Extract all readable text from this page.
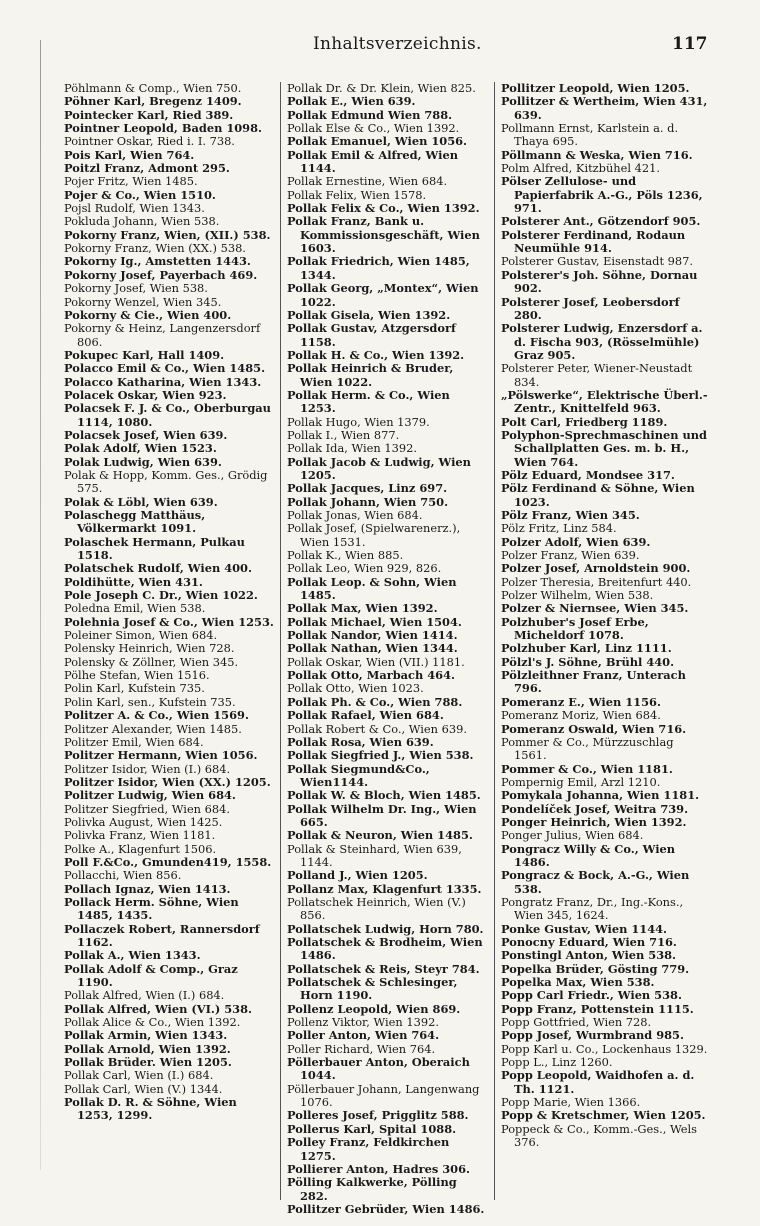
Inhaltsverzeichnis.	117
Pöhlmann & Comp., Wien 750.
Pöhner Karl, Bregenz 1409.
Pointecker Karl, Ried 389.
Pointner Leopold, Baden 1098.
Pointner Oskar, Ried i. I. 738.
Pois Karl, Wien 764.
Poitzl Franz, Admont 295.
Pojer Fritz, Wien 1485.
Pojer & Co., Wien 1510.
Pojsl Rudolf, Wien 1343.
Pokluda Johann, Wien 538.
Pokorny Franz, Wien, (XII.) 538.
Pokorny Franz, Wien (XX.) 538.
Pokorny Ig., Amstetten 1443.
Pokorny Josef, Payerbach 469.
Pokorny Josef, Wien 538.
Pokorny Wenzel, Wien 345.
Pokorny & Cie., Wien 400.
Pokorny & Heinz, Langenzersdorf 806.
Pokupec Karl, Hall 1409.
Polacco Emil & Co., Wien 1485.
Polacco Katharina, Wien 1343.
Polacek Oskar, Wien 923.
Polacsek F. J. & Co., Oberburgau 1114, 1080.
Polacsek Josef, Wien 639.
Polak Adolf, Wien 1523.
Polak Ludwig, Wien 639.
Polak & Hopp, Komm. Ges., Grödig 575.
Polak & Löbl, Wien 639.
Polaschegg Matthäus, Völkermarkt 1091.
Polaschek Hermann, Pulkau 1518.
Polatschek Rudolf, Wien 400.
Poldihütte, Wien 431.
Pole Joseph C. Dr., Wien 1022.
Poledna Emil, Wien 538.
Polehnia Josef & Co., Wien 1253.
Poleiner Simon, Wien 684.
Polensky Heinrich, Wien 728.
Polensky & Zöllner, Wien 345.
Pölhe Stefan, Wien 1516.
Polin Karl, Kufstein 735.
Polin Karl, sen., Kufstein 735.
Politzer A. & Co., Wien 1569.
Politzer Alexander, Wien 1485.
Politzer Emil, Wien 684.
Politzer Hermann, Wien 1056.
Politzer Isidor, Wien (I.) 684.
Politzer Isidor, Wien (XX.) 1205.
Politzer Ludwig, Wien 684.
Politzer Siegfried, Wien 684.
Polivka August, Wien 1425.
Polivka Franz, Wien 1181.
Polke A., Klagenfurt 1506.
Poll F.&Co., Gmunden419, 1558.
Pollacchi, Wien 856.
Pollach Ignaz, Wien 1413.
Pollack Herm. Söhne, Wien 1485, 1435.
Pollaczek Robert, Rannersdorf 1162.
Pollak A., Wien 1343.
Pollak Adolf & Comp., Graz 1190.
Pollak Alfred, Wien (I.) 684.
Pollak Alfred, Wien (VI.) 538.
Pollak Alice & Co., Wien 1392.
Pollak Armin, Wien 1343.
Pollak Arnold, Wien 1392.
Pollak Brüder. Wien 1205.
Pollak Carl, Wien (I.) 684.
Pollak Carl, Wien (V.) 1344.
Pollak D. R. & Söhne, Wien 1253, 1299.
Pollak Dr. & Dr. Klein, Wien 825.
Pollak E., Wien 639.
Pollak Edmund Wien 788.
Pollak Else & Co., Wien 1392.
Pollak Emanuel, Wien 1056.
Pollak Emil & Alfred, Wien 1144.
Pollak Ernestine, Wien 684.
Pollak Felix, Wien 1578.
Pollak Felix & Co., Wien 1392.
Pollak Franz, Bank u. Kommissionsgeschäft, Wien 1603.
Pollak Friedrich, Wien 1485, 1344.
Pollak Georg, „Montex“, Wien 1022.
Pollak Gisela, Wien 1392.
Pollak Gustav, Atzgersdorf 1158.
Pollak H. & Co., Wien 1392.
Pollak Heinrich & Bruder, Wien 1022.
Pollak Herm. & Co., Wien 1253.
Pollak Hugo, Wien 1379.
Pollak I., Wien 877.
Pollak Ida, Wien 1392.
Pollak Jacob & Ludwig, Wien 1205.
Pollak Jacques, Linz 697.
Pollak Johann, Wien 750.
Pollak Jonas, Wien 684.
Pollak Josef, (Spielwarenerz.), Wien 1531.
Pollak K., Wien 885.
Pollak Leo, Wien 929, 826.
Pollak Leop. & Sohn, Wien 1485.
Pollak Max, Wien 1392.
Pollak Michael, Wien 1504.
Pollak Nandor, Wien 1414.
Pollak Nathan, Wien 1344.
Pollak Oskar, Wien (VII.) 1181.
Pollak Otto, Marbach 464.
Pollak Otto, Wien 1023.
Pollak Ph. & Co., Wien 788.
Pollak Rafael, Wien 684.
Pollak Robert & Co., Wien 639.
Pollak Rosa, Wien 639.
Pollak Siegfried J., Wien 538.
Pollak Siegmund&Co., Wien1144.
Pollak W. & Bloch, Wien 1485.
Pollak Wilhelm Dr. Ing., Wien 665.
Pollak & Neuron, Wien 1485.
Pollak & Steinhard, Wien 639, 1144.
Polland J., Wien 1205.
Pollanz Max, Klagenfurt 1335.
Pollatschek Heinrich, Wien (V.) 856.
Pollatschek Ludwig, Horn 780.
Pollatschek & Brodheim, Wien 1486.
Pollatschek & Reis, Steyr 784.
Pollatschek & Schlesinger, Horn 1190.
Pollenz Leopold, Wien 869.
Pollenz Viktor, Wien 1392.
Poller Anton, Wien 764.
Poller Richard, Wien 764.
Pöllerbauer Anton, Oberaich 1044.
Pöllerbauer Johann, Langenwang 1076.
Polleres Josef, Prigglitz 588.
Pollerus Karl, Spital 1088.
Polley Franz, Feldkirchen 1275.
Pollierer Anton, Hadres 306.
Pölling Kalkwerke, Pölling 282.
Pollitzer Gebrüder, Wien 1486.
Pollitzer Leopold, Wien 1205.
Pollitzer & Wertheim, Wien 431, 639.
Pollmann Ernst, Karlstein a. d. Thaya 695.
Pöllmann & Weska, Wien 716.
Polm Alfred, Kitzbühel 421.
Pölser Zellulose- und Papierfabrik A.-G., Pöls 1236, 971.
Polsterer Ant., Götzendorf 905.
Polsterer Ferdinand, Rodaun Neumühle 914.
Polsterer Gustav, Eisenstadt 987.
Polsterer's Joh. Söhne, Dornau 902.
Polsterer Josef, Leobersdorf 280.
Polsterer Ludwig, Enzersdorf a. d. Fischa 903, (Rösselmühle) Graz 905.
Polsterer Peter, Wiener-Neustadt 834.
„Pölswerke“, Elektrische Überl.-Zentr., Knittelfeld 963.
Polt Carl, Friedberg 1189.
Polyphon-Sprechmaschinen und Schallplatten Ges. m. b. H., Wien 764.
Pölz Eduard, Mondsee 317.
Pölz Ferdinand & Söhne, Wien 1023.
Pölz Franz, Wien 345.
Pölz Fritz, Linz 584.
Polzer Adolf, Wien 639.
Polzer Franz, Wien 639.
Polzer Josef, Arnoldstein 900.
Polzer Theresia, Breitenfurt 440.
Polzer Wilhelm, Wien 538.
Polzer & Niernsee, Wien 345.
Polzhuber's Josef Erbe, Micheldorf 1078.
Polzhuber Karl, Linz 1111.
Pölzl's J. Söhne, Brühl 440.
Pölzleithner Franz, Unterach 796.
Pomeranz E., Wien 1156.
Pomeranz Moriz, Wien 684.
Pomeranz Oswald, Wien 716.
Pommer & Co., Mürzzuschlag 1561.
Pommer & Co., Wien 1181.
Pompernig Emil, Arzl 1210.
Pomykala Johanna, Wien 1181.
Pondelíček Josef, Weitra 739.
Ponger Heinrich, Wien 1392.
Ponger Julius, Wien 684.
Pongracz Willy & Co., Wien 1486.
Pongracz & Bock, A.-G., Wien 538.
Pongratz Franz, Dr., Ing.-Kons., Wien 345, 1624.
Ponke Gustav, Wien 1144.
Ponocny Eduard, Wien 716.
Ponstingl Anton, Wien 538.
Popelka Brüder, Gösting 779.
Popelka Max, Wien 538.
Popp Carl Friedr., Wien 538.
Popp Franz, Pottenstein 1115.
Popp Gottfried, Wien 728.
Popp Josef, Wurmbrand 985.
Popp Karl u. Co., Lockenhaus 1329.
Popp L., Linz 1260.
Popp Leopold, Waidhofen a. d. Th. 1121.
Popp Marie, Wien 1366.
Popp & Kretschmer, Wien 1205.
Poppeck & Co., Komm.-Ges., Wels 376.
